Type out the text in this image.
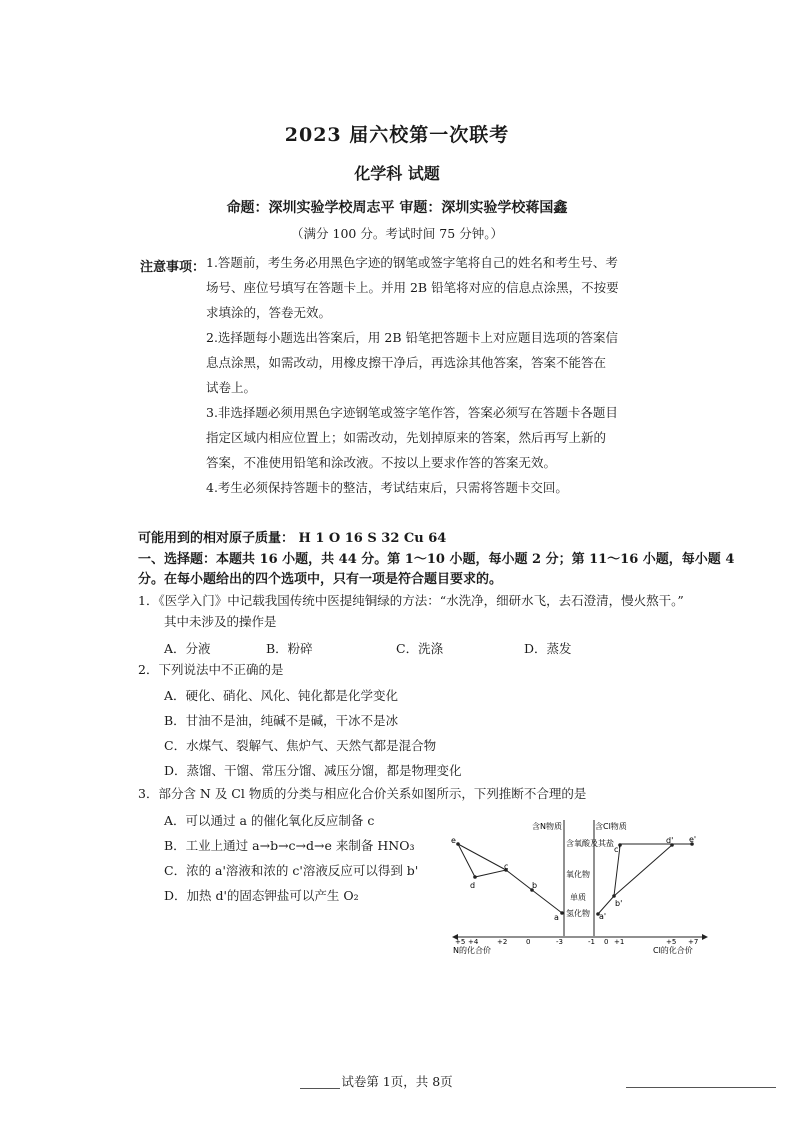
2023 届六校第一次联考
化学科 试题
命题：深圳实验学校周志平 审题：深圳实验学校蒋国鑫
（满分 100 分。考试时间 75 分钟。）
注意事项： 1.答题前，考生务必用黑色字迹的钢笔或签字笔将自己的姓名和考生号、考
场号、座位号填写在答题卡上。并用 2B 铅笔将对应的信息点涂黑，不按要
求填涂的，答卷无效。
2.选择题每小题选出答案后，用 2B 铅笔把答题卡上对应题目选项的答案信
息点涂黑，如需改动，用橡皮擦干净后，再选涂其他答案，答案不能答在
试卷上。
3.非选择题必须用黑色字迹钢笔或签字笔作答，答案必须写在答题卡各题目
指定区域内相应位置上；如需改动，先划掉原来的答案，然后再写上新的
答案，不准使用铅笔和涂改液。不按以上要求作答的答案无效。
4.考生必须保持答题卡的整洁，考试结束后，只需将答题卡交回。
可能用到的相对原子质量： H 1 O 16 S 32 Cu 64
一、选择题：本题共 16 小题，共 44 分。第 1～10 小题，每小题 2 分；第 11～16 小题，每小题 4
分。在每小题给出的四个选项中，只有一项是符合题目要求的。
1．《医学入门》中记载我国传统中医提纯铜绿的方法：“水洗净，细研水飞，去石澄清，慢火熬干。”
其中未涉及的操作是
A．分液	B．粉碎	C．洗涤	D．蒸发
2．下列说法中不正确的是
A．硬化、硝化、风化、钝化都是化学变化
B．甘油不是油，纯碱不是碱，干冰不是冰
C．水煤气、裂解气、焦炉气、天然气都是混合物
D．蒸馏、干馏、常压分馏、减压分馏，都是物理变化
3．部分含 N 及 Cl 物质的分类与相应化合价关系如图所示，下列推断不合理的是
A．可以通过 a 的催化氧化反应制备 c
B．工业上通过 a→b→c→d→e 来制备 HNO₃
C．浓的 a'溶液和浓的 c'溶液反应可以得到 b'
D．加热 d'的固态钾盐可以产生 O₂
含N物质	含Cl物质
含氧酸及其盐
氧化物
单质
氢化物
e
d
c
b
a	a'
b'
c'
d' e'
+5 +4	+2	0	-3	-1 0 +1	+5 +7
N的化合价	Cl的化合价
试卷第 1页，共 8页
